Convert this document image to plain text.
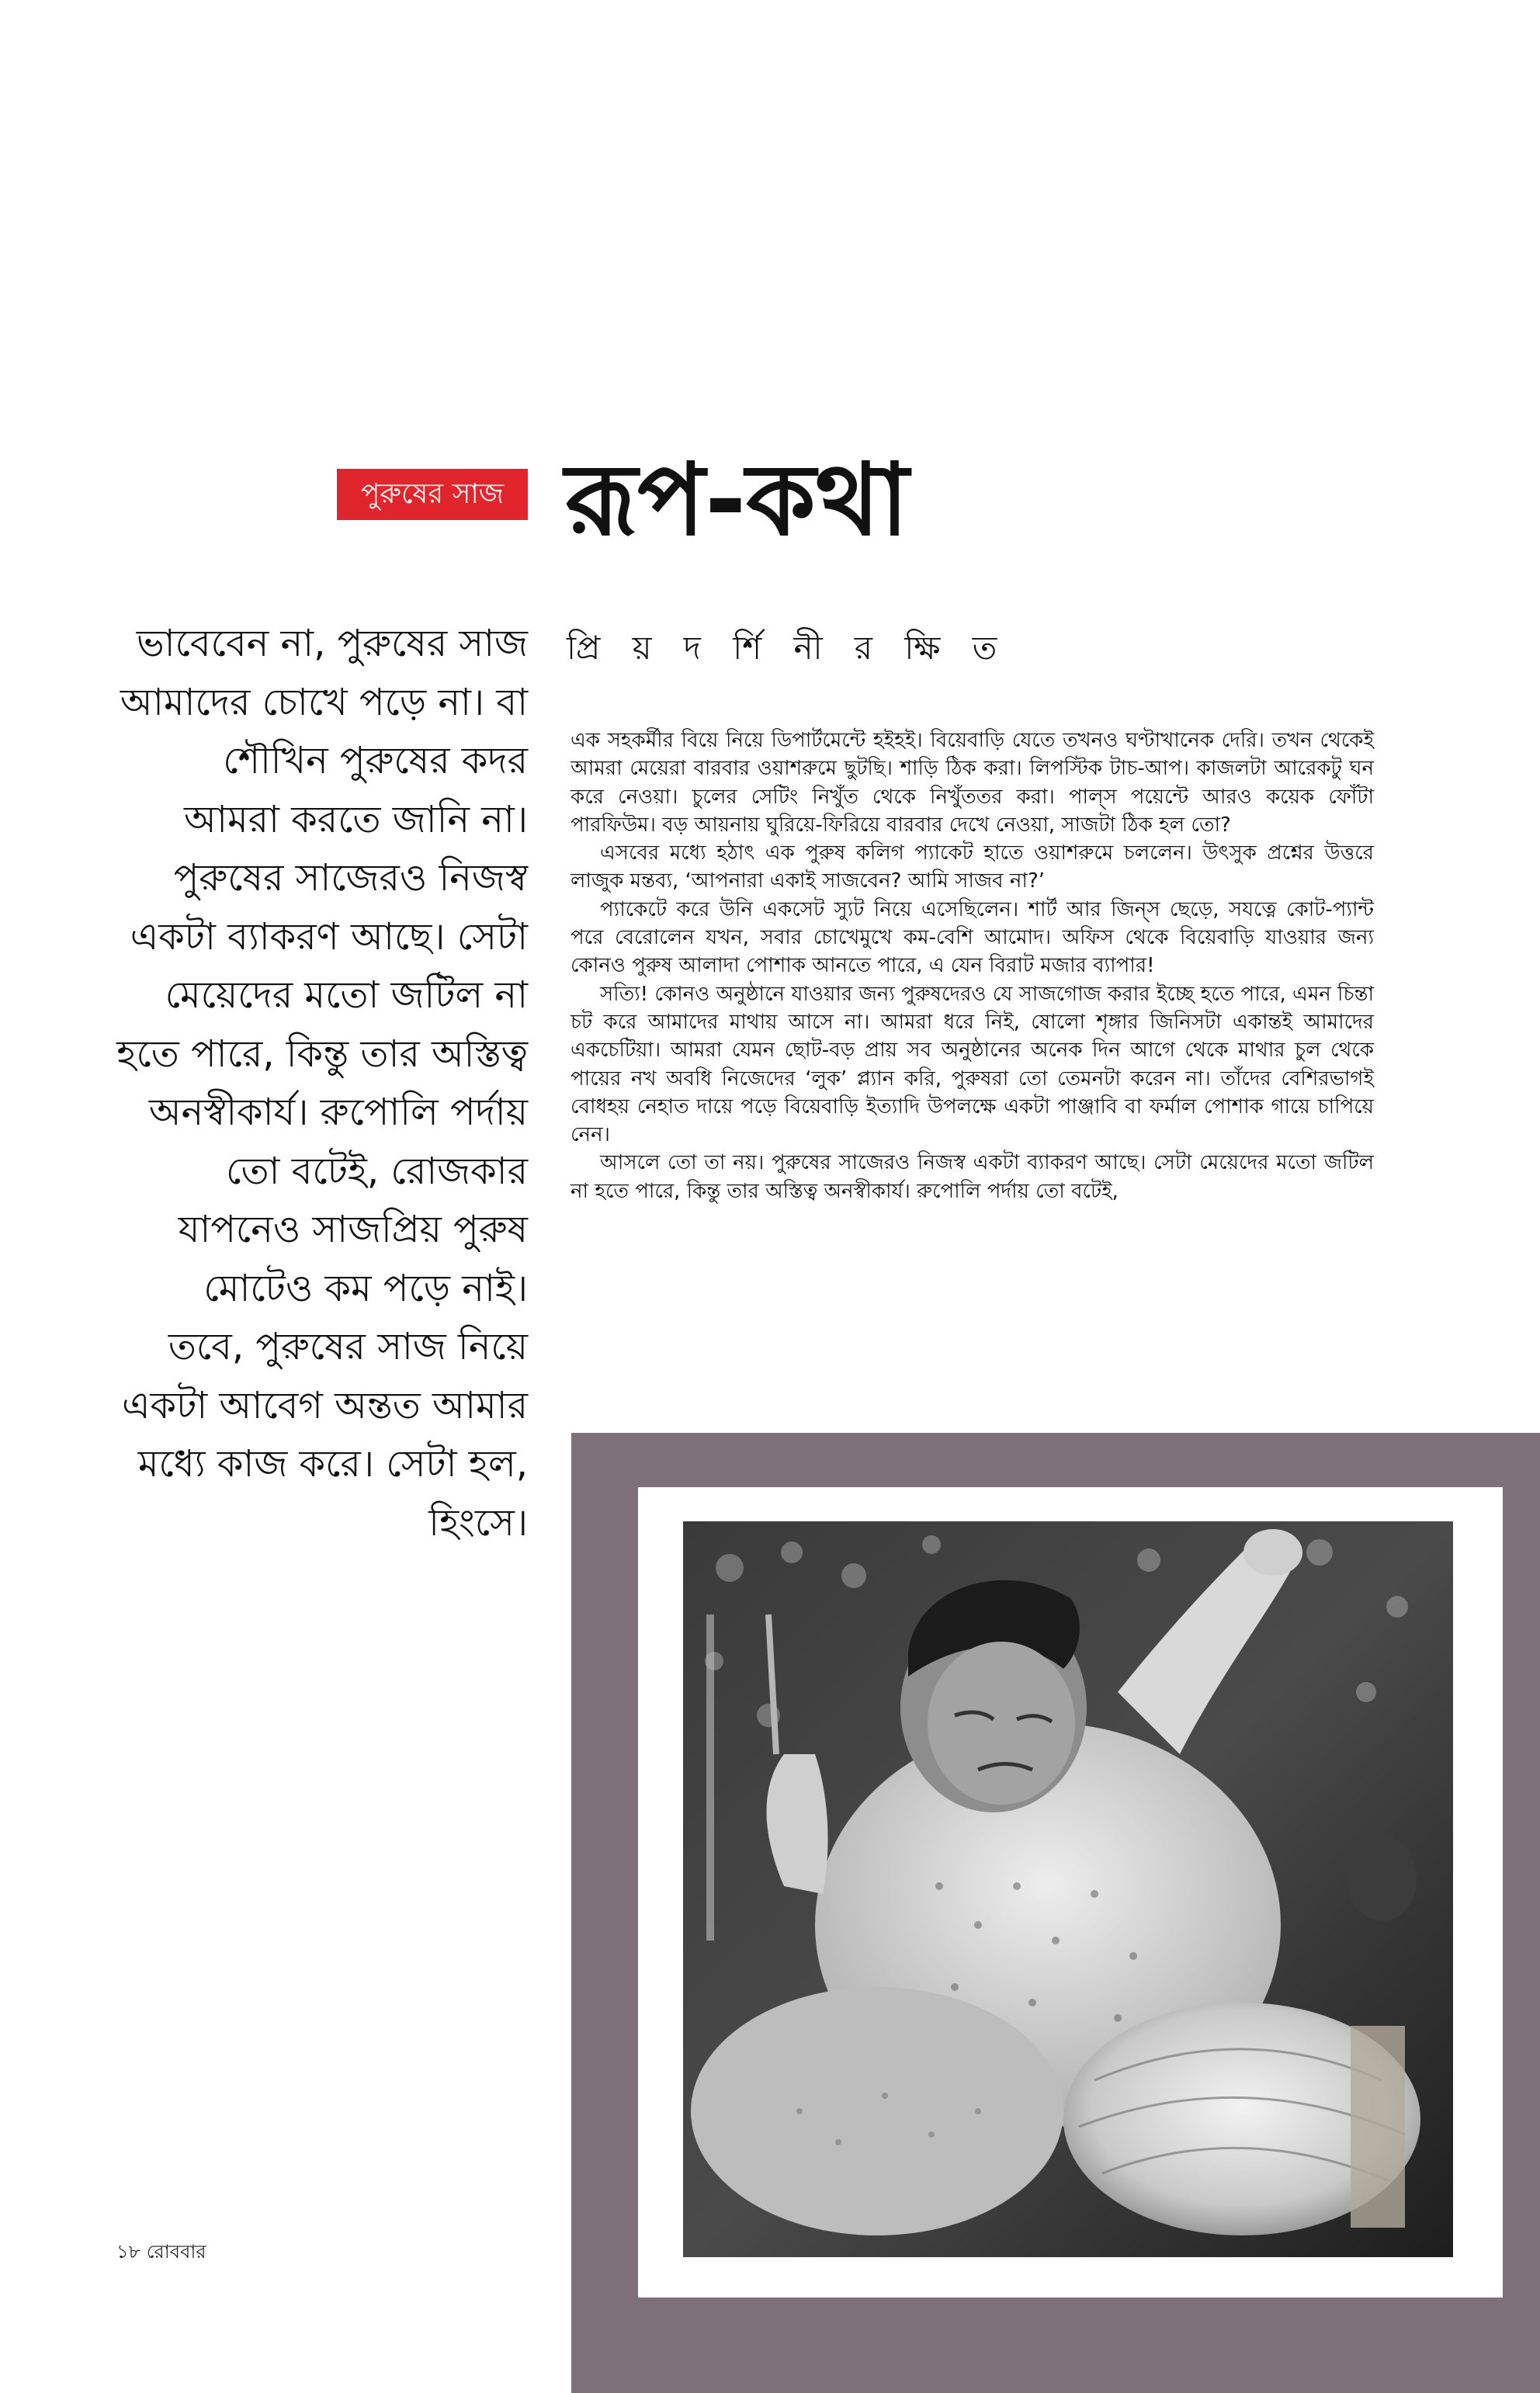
পুরুষের সাজ রূপ-কথা
ভাবেবেন না, পুরুষের সাজ আমাদের চোখে পড়ে না। বা শৌখিন পুরুষের কদর আমরা করতে জানি না। পুরুষের সাজেরও নিজস্ব একটা ব্যাকরণ আছে। সেটা মেয়েদের মতো জটিল না হতে পারে, কিন্তু তার অস্তিত্ব অনস্বীকার্য। রুপোলি পর্দায় তো বটেই, রোজকার যাপনেও সাজপ্রিয় পুরুষ মোটেও কম পড়ে নাই। তবে, পুরুষের সাজ নিয়ে একটা আবেগ অন্তত আমার মধ্যে কাজ করে। সেটা হল, হিংসে।
প্রি য় দ র্শি নী র ক্ষি ত

এক সহকর্মীর বিয়ে নিয়ে ডিপার্টমেন্টে হইহই। বিয়েবাড়ি যেতে তখনও ঘণ্টাখানেক দেরি। তখন থেকেই আমরা মেয়েরা বারবার ওয়াশরুমে ছুটছি। শাড়ি ঠিক করা। লিপস্টিক টাচ-আপ। কাজলটা আরেকটু ঘন করে নেওয়া। চুলের সেটিং নিখুঁত থেকে নিখুঁততর করা। পাল্‌স পয়েন্টে আরও কয়েক ফোঁটা পারফিউম। বড় আয়নায় ঘুরিয়ে-ফিরিয়ে বারবার দেখে নেওয়া, সাজটা ঠিক হল তো?

এসবের মধ্যে হঠাৎ এক পুরুষ কলিগ প্যাকেট হাতে ওয়াশরুমে চললেন। উৎসুক প্রশ্নের উত্তরে লাজুক মন্তব্য, ‘আপনারা একাই সাজবেন? আমি সাজব না?’

প্যাকেটে করে উনি একসেট স্যুট নিয়ে এসেছিলেন। শার্ট আর জিন্‌স ছেড়ে, সযত্নে কোট-প্যান্ট পরে বেরোলেন যখন, সবার চোখেমুখে কম-বেশি আমোদ। অফিস থেকে বিয়েবাড়ি যাওয়ার জন্য কোনও পুরুষ আলাদা পোশাক আনতে পারে, এ যেন বিরাট মজার ব্যাপার!

সত্যি! কোনও অনুষ্ঠানে যাওয়ার জন্য পুরুষদেরও যে সাজগোজ করার ইচ্ছে হতে পারে, এমন চিন্তা চট করে আমাদের মাথায় আসে না। আমরা ধরে নিই, ষোলো শৃঙ্গার জিনিসটা একান্তই আমাদের একচেটিয়া। আমরা যেমন ছোট-বড় প্রায় সব অনুষ্ঠানের অনেক দিন আগে থেকে মাথার চুল থেকে পায়ের নখ অবধি নিজেদের ‘লুক’ প্ল্যান করি, পুরুষরা তো তেমনটা করেন না। তাঁদের বেশিরভাগই বোধহয় নেহাত দায়ে পড়ে বিয়েবাড়ি ইত্যাদি উপলক্ষে একটা পাঞ্জাবি বা ফর্মাল পোশাক গায়ে চাপিয়ে নেন।

আসলে তো তা নয়। পুরুষের সাজেরও নিজস্ব একটা ব্যাকরণ আছে। সেটা মেয়েদের মতো জটিল না হতে পারে, কিন্তু তার অস্তিত্ব অনস্বীকার্য। রুপোলি পর্দায় তো বটেই,

১৮ রোববার
